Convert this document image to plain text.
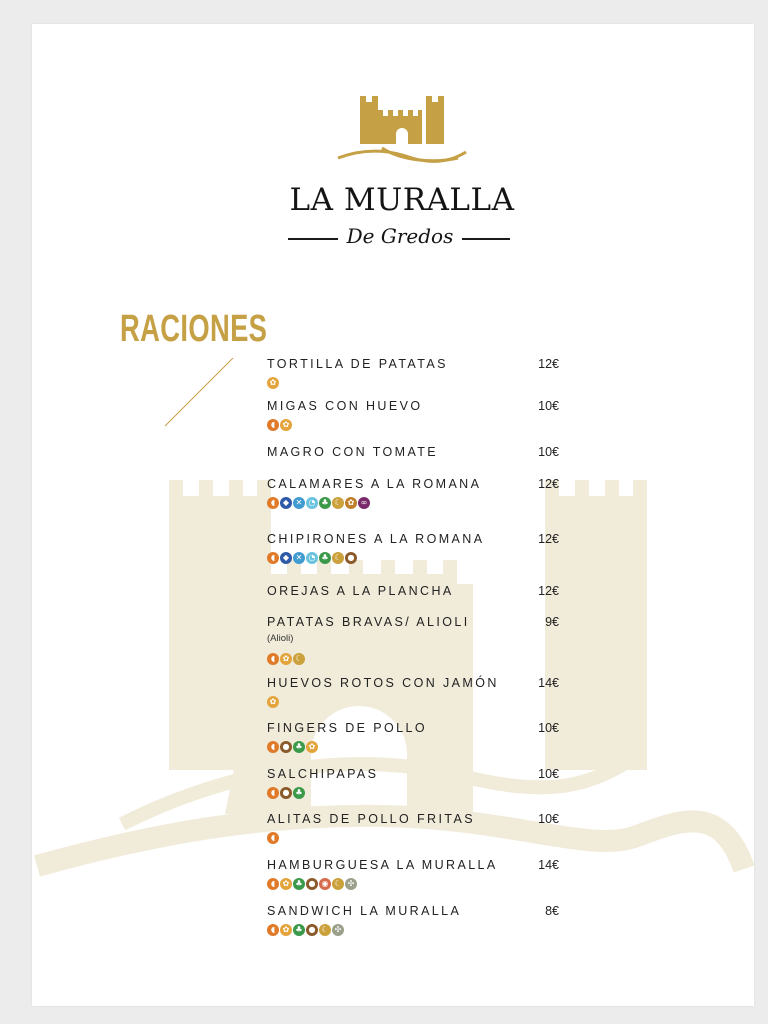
LA MURALLA
De Gredos
RACIONES
TORTILLA DE PATATAS	12€
✿
MIGAS CON HUEVO	10€
◖ ✿
MAGRO CON TOMATE	10€
CALAMARES A LA ROMANA	12€
◖ ◆ ✕ ◔ ♣ ☾ ✿ ∞
CHIPIRONES A LA ROMANA	12€
◖ ◆ ✕ ◔ ♣ ☾ ●
OREJAS A LA PLANCHA	12€
PATATAS BRAVAS/ ALIOLI	9€
(Alioli)
◖ ✿ ☾
HUEVOS ROTOS CON JAMÓN	14€
✿
FINGERS DE POLLO	10€
◖ ● ♣ ✿
SALCHIPAPAS	10€
◖ ● ♣
ALITAS DE POLLO FRITAS	10€
◖
HAMBURGUESA LA MURALLA	14€
◖ ✿ ♣ ● ◉ ☾ ✣
SANDWICH LA MURALLA	8€
◖ ✿ ♣ ● ☾ ✣
